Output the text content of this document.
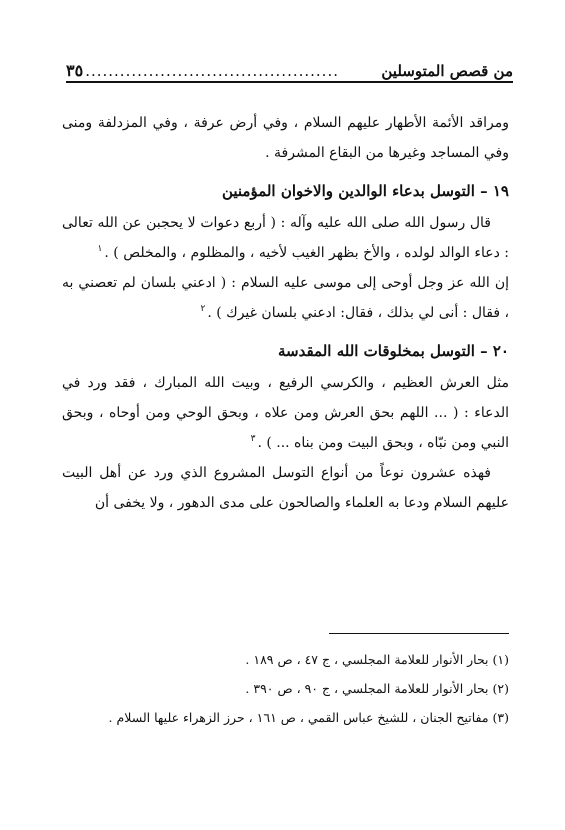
من قصص المتوسلين
............................................
٣٥

ومراقد الأئمة الأطهار عليهم السلام ، وفي أرض عرفة ، وفي المزدلفة ومنى وفي المساجد وغيرها من البقاع المشرفة .

١٩ – التوسل بدعاء الوالدين والاخوان المؤمنين

قال رسول الله صلى الله عليه وآله : ( أربع دعوات لا يحجبن عن الله تعالى : دعاء الوالد لولده ، والأخ بظهر الغيب لأخيه ، والمظلوم ، والمخلص ) .$^١$

إن الله عز وجل أوحى إلى موسى عليه السلام : ( ادعني بلسان لم تعصني به ، فقال : أنى لي بذلك ، فقال: ادعني بلسان غيرك ) .$^٢$

٢٠ – التوسل بمخلوقات الله المقدسة

مثل العرش العظيم ، والكرسي الرفيع ، وبيت الله المبارك ، فقد ورد في الدعاء : ( ... اللهم بحق العرش ومن علاه ، وبحق الوحي ومن أوحاه ، وبحق النبي ومن نبّاه ، وبحق البيت ومن بناه ... ) .$^٣$

فهذه عشرون نوعاً من أنواع التوسل المشروع الذي ورد عن أهل البيت عليهم السلام ودعا به العلماء والصالحون على مدى الدهور ، ولا يخفى أن

(١) بحار الأنوار للعلامة المجلسي ، ج ٤٧ ، ص ١٨٩ .
(٢) بحار الأنوار للعلامة المجلسي ، ج ٩٠ ، ص ٣٩٠ .
(٣) مفاتيح الجنان ، للشيخ عباس القمي ، ص ١٦١ ، حرز الزهراء عليها السلام .
